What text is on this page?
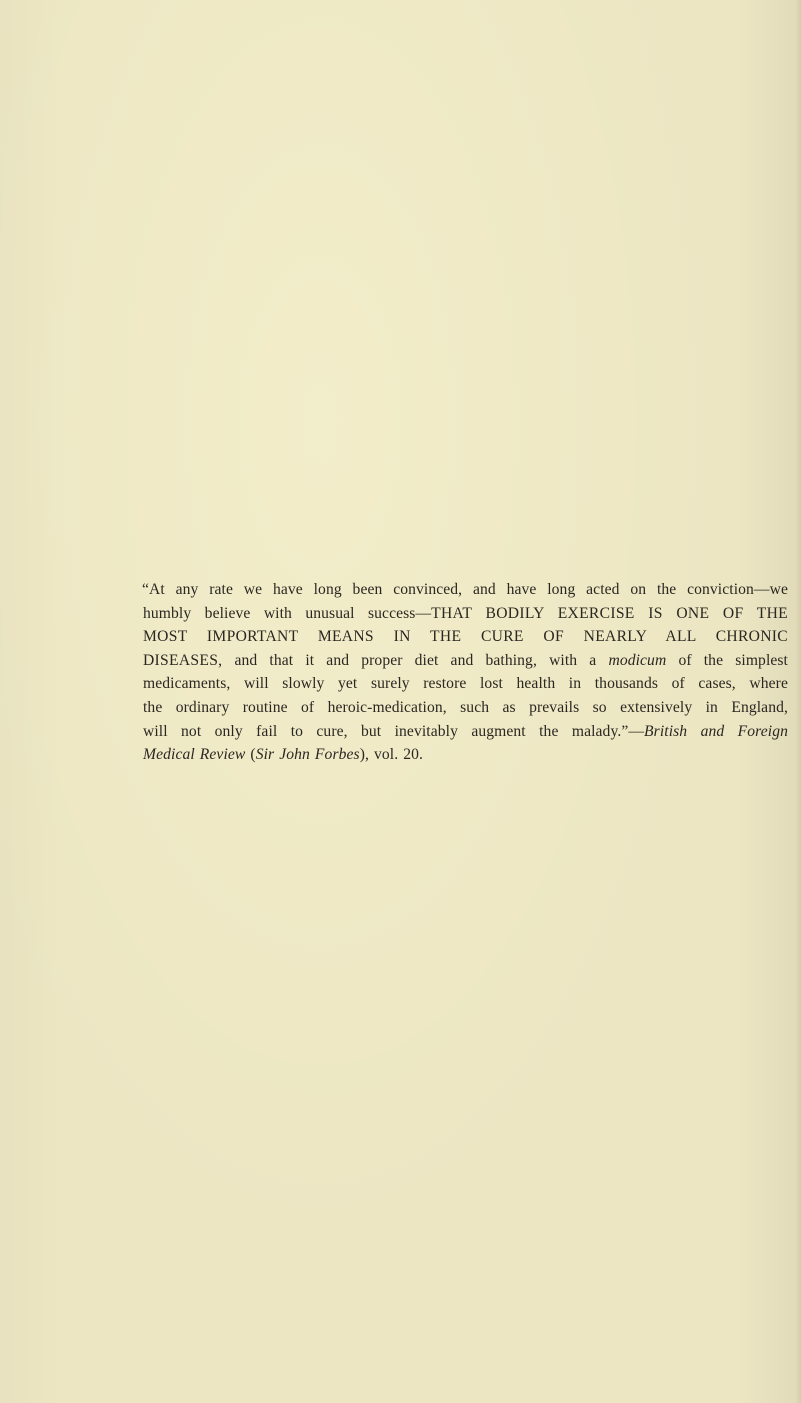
“At any rate we have long been convinced, and have long acted on the conviction—we
humbly believe with unusual success—THAT BODILY EXERCISE IS ONE OF THE
MOST IMPORTANT MEANS IN THE CURE OF NEARLY ALL CHRONIC
DISEASES, and that it and proper diet and bathing, with a modicum of the simplest
medicaments, will slowly yet surely restore lost health in thousands of cases, where
the ordinary routine of heroic-medication, such as prevails so extensively in England,
will not only fail to cure, but inevitably augment the malady.”—British and Foreign
Medical Review (Sir John Forbes), vol. 20.
